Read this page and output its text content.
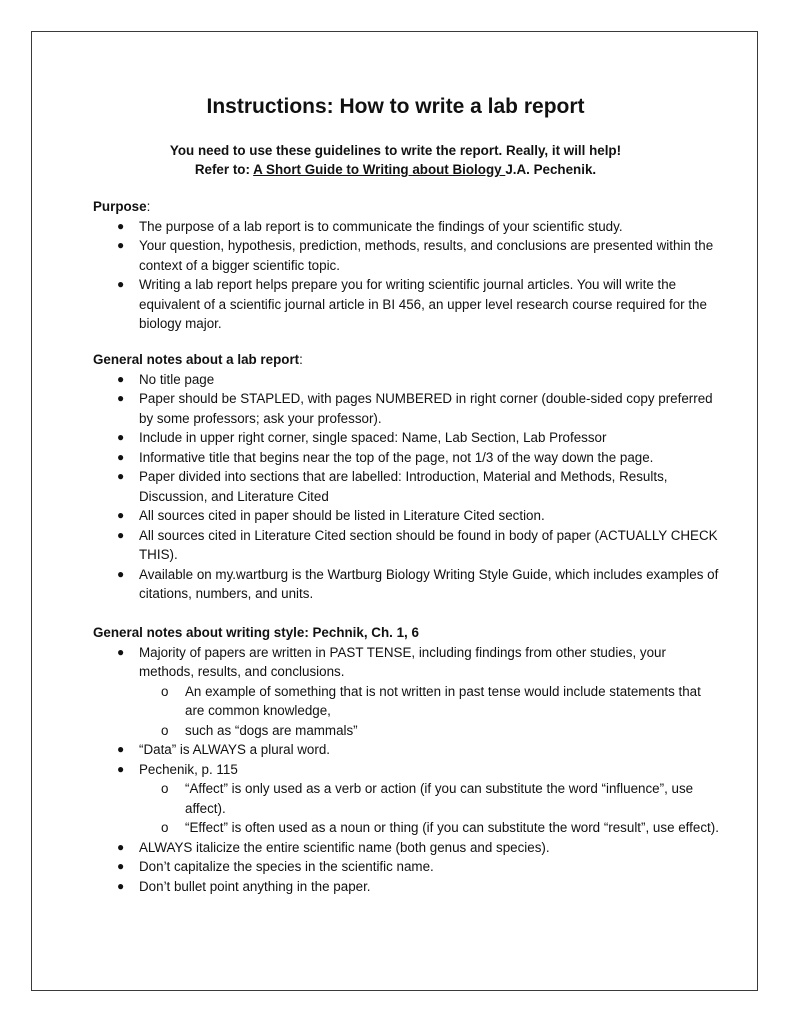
Instructions: How to write a lab report

You need to use these guidelines to write the report. Really, it will help!

Refer to: A Short Guide to Writing about Biology J.A. Pechenik.

Purpose:

● The purpose of a lab report is to communicate the findings of your scientific study.
● Your question, hypothesis, prediction, methods, results, and conclusions are presented within the context of a bigger scientific topic.
● Writing a lab report helps prepare you for writing scientific journal articles. You will write the equivalent of a scientific journal article in BI 456, an upper level research course required for the biology major.

General notes about a lab report:

● No title page
● Paper should be STAPLED, with pages NUMBERED in right corner (double-sided copy preferred by some professors; ask your professor).
● Include in upper right corner, single spaced: Name, Lab Section, Lab Professor
● Informative title that begins near the top of the page, not 1/3 of the way down the page.
● Paper divided into sections that are labelled: Introduction, Material and Methods, Results, Discussion, and Literature Cited
● All sources cited in paper should be listed in Literature Cited section.
● All sources cited in Literature Cited section should be found in body of paper (ACTUALLY CHECK THIS).
● Available on my.wartburg is the Wartburg Biology Writing Style Guide, which includes examples of citations, numbers, and units.

General notes about writing style: Pechnik, Ch. 1, 6

● Majority of papers are written in PAST TENSE, including findings from other studies, your methods, results, and conclusions.
o An example of something that is not written in past tense would include statements that are common knowledge,
o such as “dogs are mammals”
● “Data” is ALWAYS a plural word.
● Pechenik, p. 115
o “Affect” is only used as a verb or action (if you can substitute the word “influence”, use affect).
o “Effect” is often used as a noun or thing (if you can substitute the word “result”, use effect).
● ALWAYS italicize the entire scientific name (both genus and species).
● Don’t capitalize the species in the scientific name.
● Don’t bullet point anything in the paper.
